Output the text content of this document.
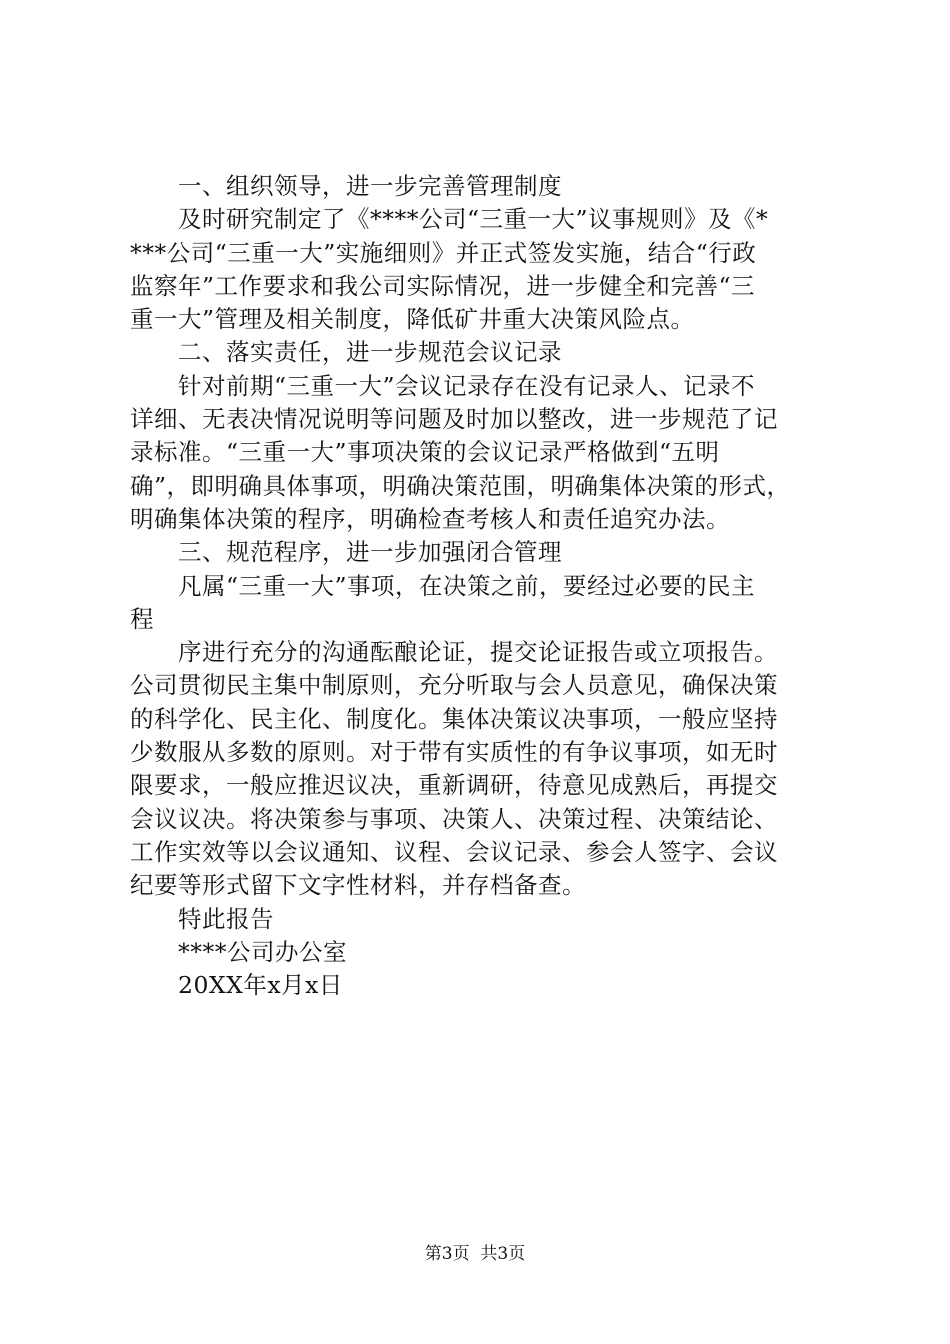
一、组织领导，进一步完善管理制度
及时研究制定了《****公司“三重一大”议事规则》及《*
***公司“三重一大”实施细则》并正式签发实施，结合“行政
监察年”工作要求和我公司实际情况，进一步健全和完善“三
重一大”管理及相关制度，降低矿井重大决策风险点。
二、落实责任，进一步规范会议记录
针对前期“三重一大”会议记录存在没有记录人、记录不
详细、无表决情况说明等问题及时加以整改，进一步规范了记
录标准。“三重一大”事项决策的会议记录严格做到“五明
确”，即明确具体事项，明确决策范围，明确集体决策的形式，
明确集体决策的程序，明确检查考核人和责任追究办法。
三、规范程序，进一步加强闭合管理
凡属“三重一大”事项，在决策之前，要经过必要的民主
程
序进行充分的沟通酝酿论证，提交论证报告或立项报告。
公司贯彻民主集中制原则，充分听取与会人员意见，确保决策
的科学化、民主化、制度化。集体决策议决事项，一般应坚持
少数服从多数的原则。对于带有实质性的有争议事项，如无时
限要求，一般应推迟议决，重新调研，待意见成熟后，再提交
会议议决。将决策参与事项、决策人、决策过程、决策结论、
工作实效等以会议通知、议程、会议记录、参会人签字、会议
纪要等形式留下文字性材料，并存档备查。
特此报告
****公司办公室
20XX年x月x日
第3页  共3页
